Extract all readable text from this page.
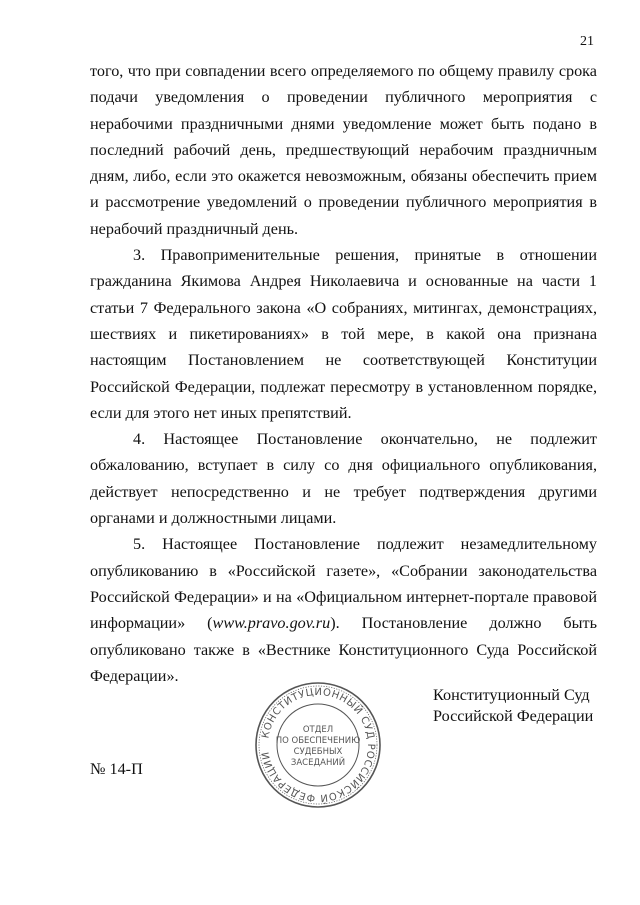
21

того, что при совпадении всего определяемого по общему правилу срока подачи уведомления о проведении публичного мероприятия с нерабочими праздничными днями уведомление может быть подано в последний рабочий день, предшествующий нерабочим праздничным дням, либо, если это окажется невозможным, обязаны обеспечить прием и рассмотрение уведомлений о проведении публичного мероприятия в нерабочий праздничный день.

3. Правоприменительные решения, принятые в отношении гражданина Якимова Андрея Николаевича и основанные на части 1 статьи 7 Федерального закона «О собраниях, митингах, демонстрациях, шествиях и пикетированиях» в той мере, в какой она признана настоящим Постановлением не соответствующей Конституции Российской Федерации, подлежат пересмотру в установленном порядке, если для этого нет иных препятствий.

4. Настоящее Постановление окончательно, не подлежит обжалованию, вступает в силу со дня официального опубликования, действует непосредственно и не требует подтверждения другими органами и должностными лицами.

5. Настоящее Постановление подлежит незамедлительному опубликованию в «Российской газете», «Собрании законодательства Российской Федерации» и на «Официальном интернет-портале правовой информации» (www.pravo.gov.ru). Постановление должно быть опубликовано также в «Вестнике Конституционного Суда Российской Федерации».

КОНСТИТУЦИОННЫЙ СУД РОССИЙСКОЙ ФЕДЕРАЦИИ
ОТДЕЛ
ПО ОБЕСПЕЧЕНИЮ
СУДЕБНЫХ
ЗАСЕДАНИЙ
Конституционный Суд
Российской Федерации
№ 14-П
